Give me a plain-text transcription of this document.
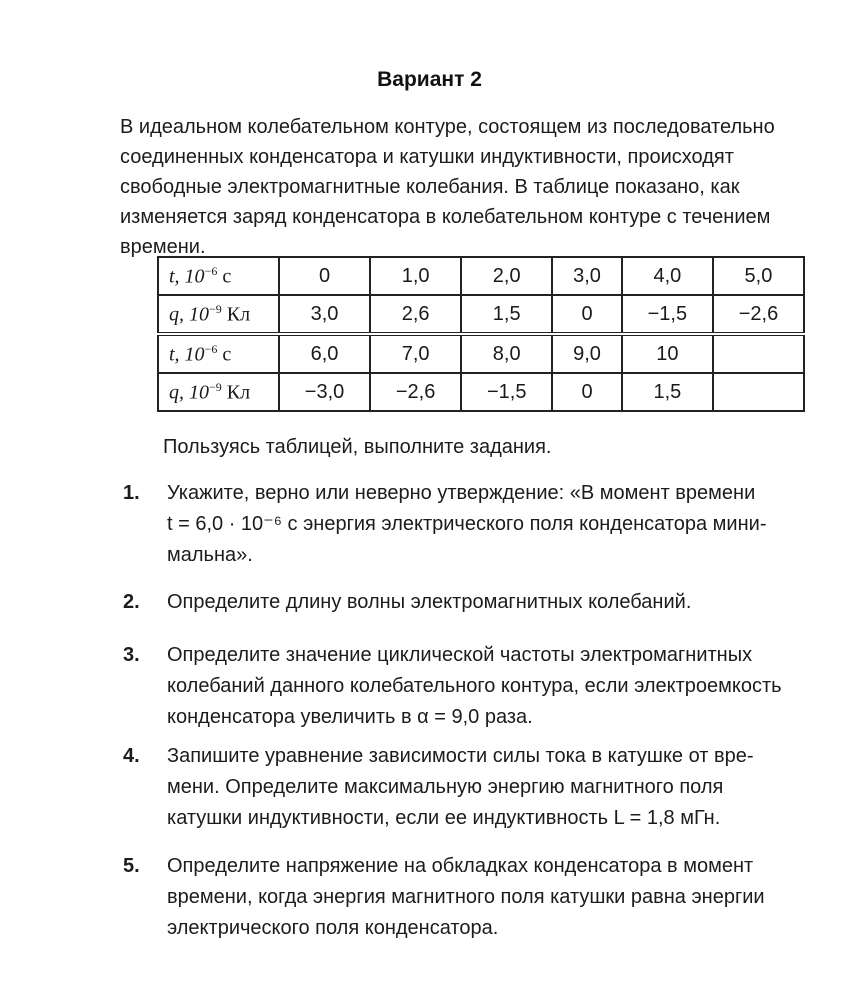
Вариант 2
В идеальном колебательном контуре, состоящем из последовательно
соединенных конденсатора и катушки индуктивности, происходят
свободные электромагнитные колебания. В таблице показано, как
изменяется заряд конденсатора в колебательном контуре с течением
времени.
t, $10^{-6}$ с	0	1,0	2,0	3,0	4,0	5,0
q, $10^{-9}$ Кл	3,0	2,6	1,5	0	−1,5	−2,6
t, $10^{-6}$ с	6,0	7,0	8,0	9,0	10	
q, $10^{-9}$ Кл	−3,0	−2,6	−1,5	0	1,5	
Пользуясь таблицей, выполните задания.
1.	Укажите, верно или неверно утверждение: «В момент времени
t = 6,0 · 10⁻⁶ с энергия электрического поля конденсатора мини-
мальна».
2.	Определите длину волны электромагнитных колебаний.
3.	Определите значение циклической частоты электромагнитных
колебаний данного колебательного контура, если электроемкость
конденсатора увеличить в α = 9,0 раза.
4.	Запишите уравнение зависимости силы тока в катушке от вре-
мени. Определите максимальную энергию магнитного поля
катушки индуктивности, если ее индуктивность L = 1,8 мГн.
5.	Определите напряжение на обкладках конденсатора в момент
времени, когда энергия магнитного поля катушки равна энергии
электрического поля конденсатора.
